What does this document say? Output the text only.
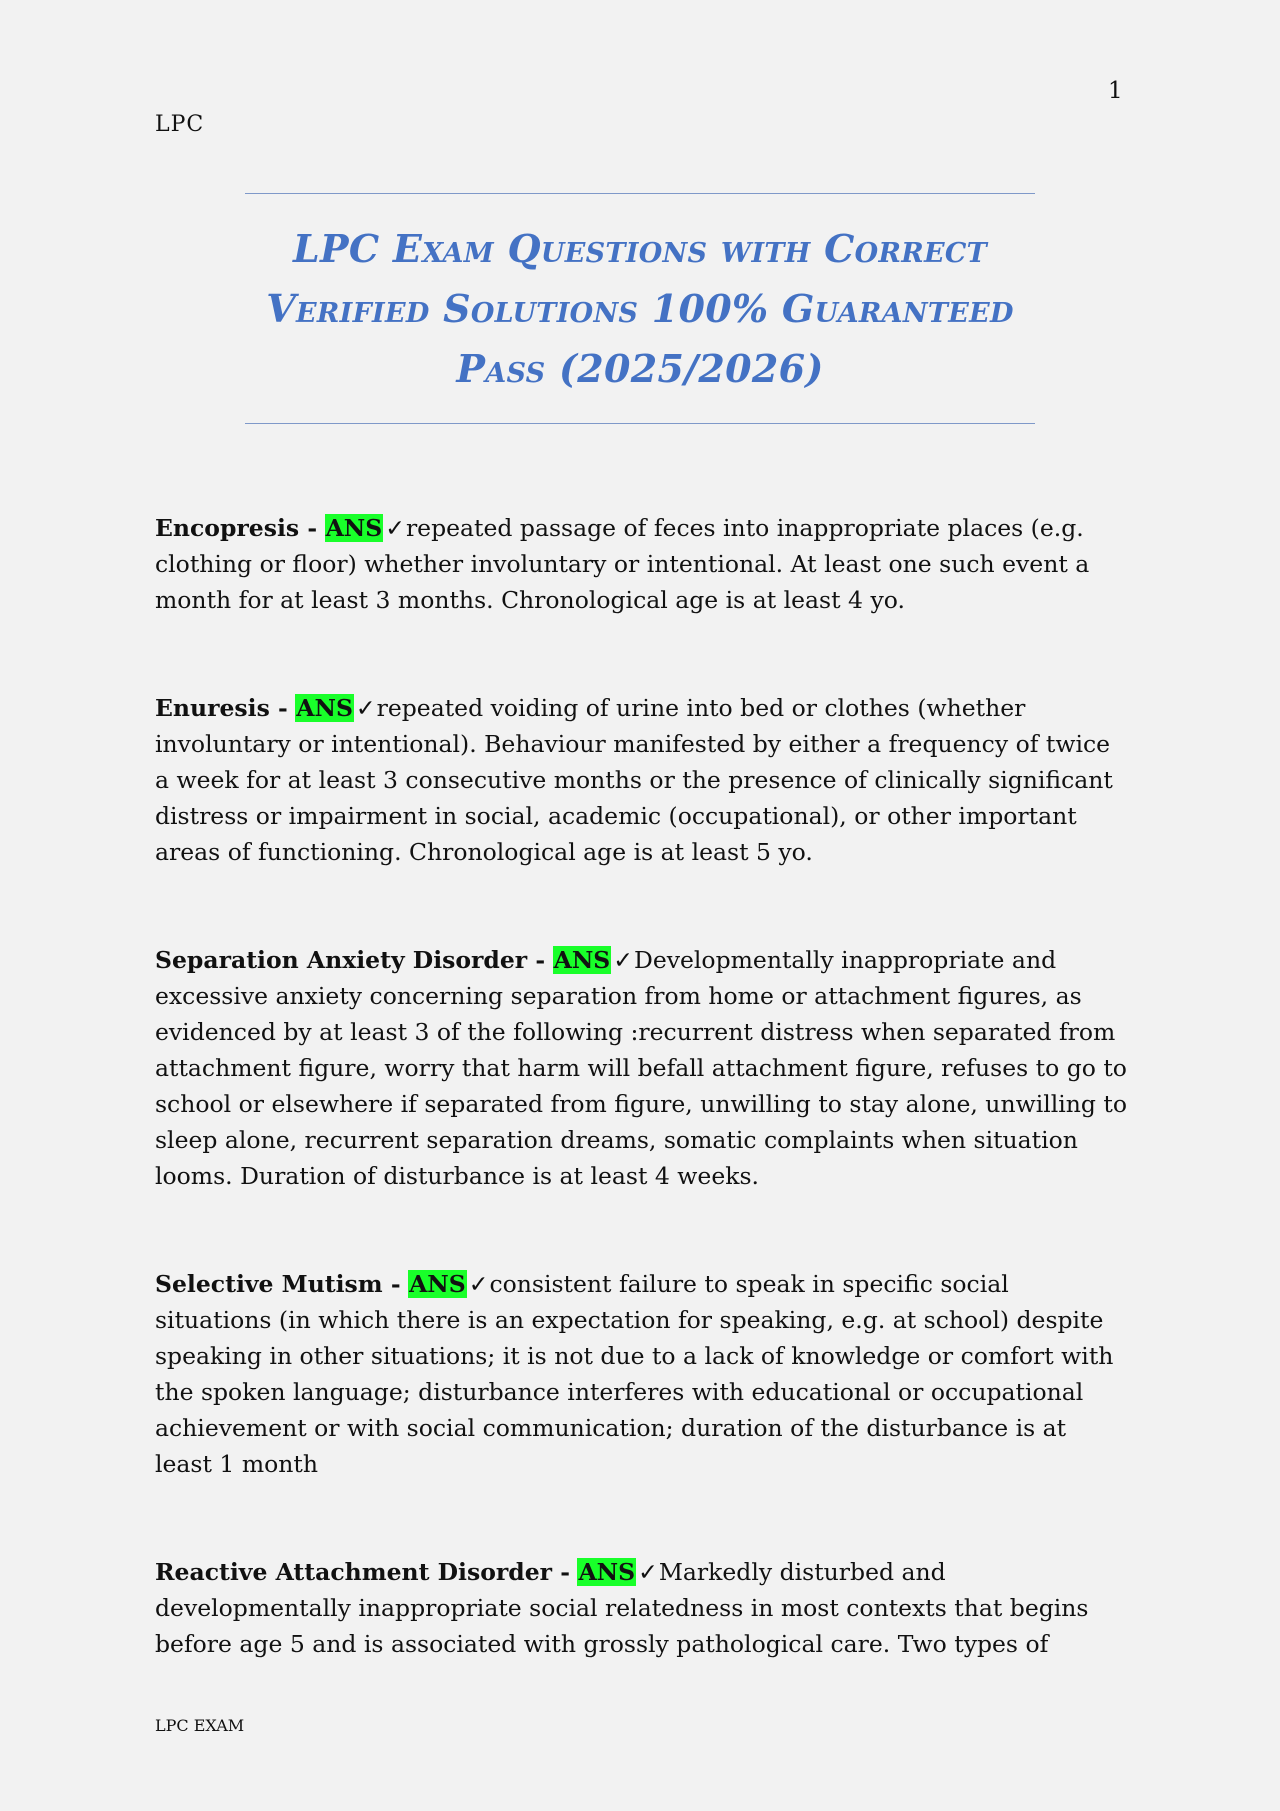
1
LPC
LPC Exam Questions with Correct
Verified Solutions 100% Guaranteed
Pass (2025/2026)

Encopresis - ANS ✓repeated passage of feces into inappropriate places (e.g. clothing or floor) whether involuntary or intentional. At least one such event a month for at least 3 months. Chronological age is at least 4 yo.

Enuresis - ANS ✓repeated voiding of urine into bed or clothes (whether involuntary or intentional). Behaviour manifested by either a frequency of twice a week for at least 3 consecutive months or the presence of clinically significant distress or impairment in social, academic (occupational), or other important areas of functioning. Chronological age is at least 5 yo.

Separation Anxiety Disorder - ANS ✓Developmentally inappropriate and excessive anxiety concerning separation from home or attachment figures, as evidenced by at least 3 of the following :recurrent distress when separated from attachment figure, worry that harm will befall attachment figure, refuses to go to school or elsewhere if separated from figure, unwilling to stay alone, unwilling to sleep alone, recurrent separation dreams, somatic complaints when situation looms. Duration of disturbance is at least 4 weeks.

Selective Mutism - ANS ✓consistent failure to speak in specific social situations (in which there is an expectation for speaking, e.g. at school) despite speaking in other situations; it is not due to a lack of knowledge or comfort with the spoken language; disturbance interferes with educational or occupational achievement or with social communication; duration of the disturbance is at least 1 month

Reactive Attachment Disorder - ANS ✓Markedly disturbed and developmentally inappropriate social relatedness in most contexts that begins before age 5 and is associated with grossly pathological care. Two types of

LPC EXAM
